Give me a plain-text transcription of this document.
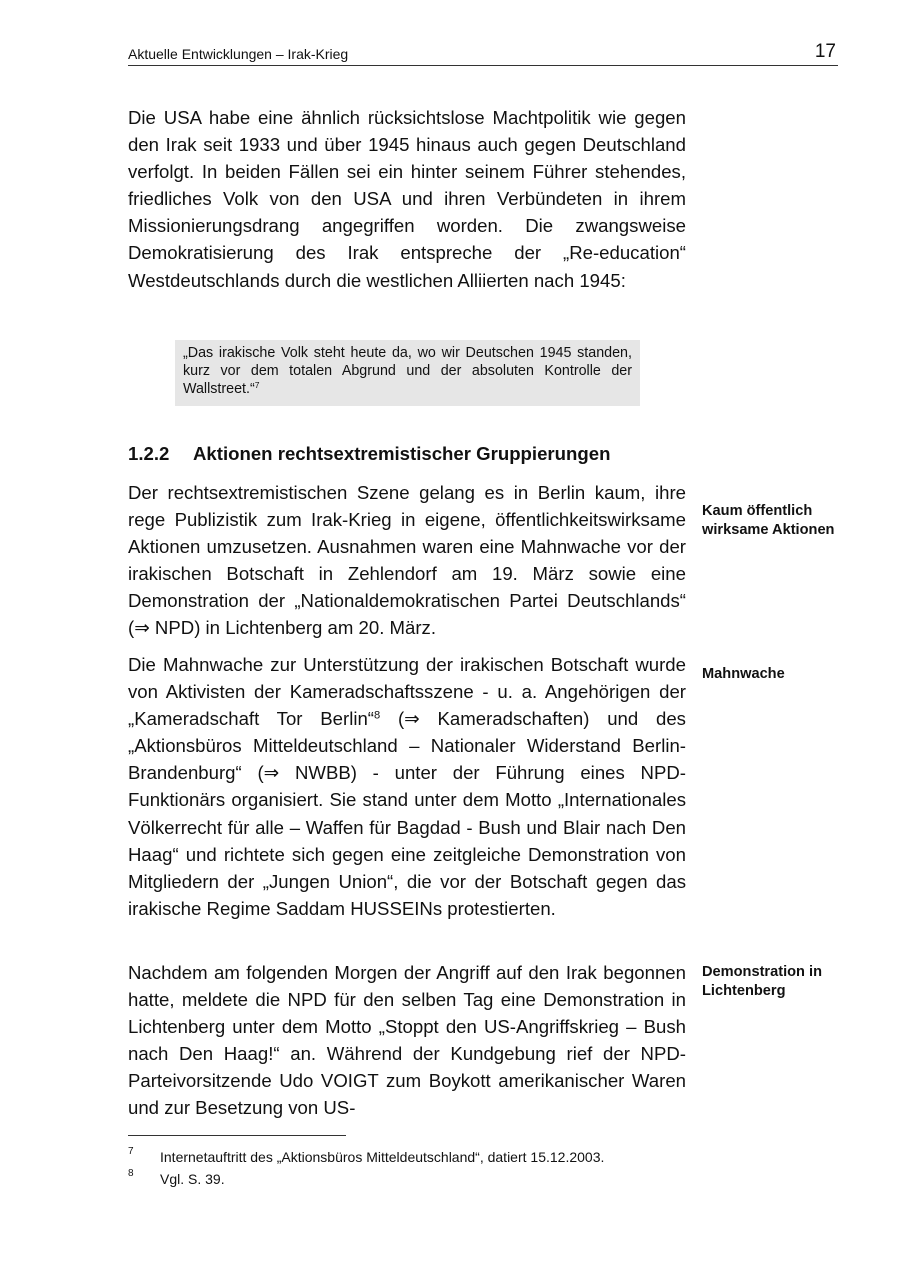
Aktuelle Entwicklungen – Irak-Krieg	17

Die USA habe eine ähnlich rücksichtslose Machtpolitik wie gegen den Irak seit 1933 und über 1945 hinaus auch gegen Deutschland verfolgt. In beiden Fällen sei ein hinter seinem Führer stehendes, friedliches Volk von den USA und ihren Verbündeten in ihrem Missionierungsdrang angegriffen worden. Die zwangsweise Demokratisierung des Irak entspreche der „Re-education“ Westdeutschlands durch die westlichen Alliierten nach 1945:

„Das irakische Volk steht heute da, wo wir Deutschen 1945 standen, kurz vor dem totalen Abgrund und der absoluten Kontrolle der Wallstreet.“$^7$
1.2.2 Aktionen rechtsextremistischer Gruppierungen

Der rechtsextremistischen Szene gelang es in Berlin kaum, ihre rege Publizistik zum Irak-Krieg in eigene, öffentlichkeitswirksame Aktionen umzusetzen. Ausnahmen waren eine Mahnwache vor der irakischen Botschaft in Zehlendorf am 19. März sowie eine Demonstration der „Nationaldemokratischen Partei Deutschlands“ (⇒ NPD) in Lichtenberg am 20. März.

Kaum öffentlich wirksame Aktionen

Die Mahnwache zur Unterstützung der irakischen Botschaft wurde von Aktivisten der Kameradschaftsszene - u. a. Angehörigen der „Kameradschaft Tor Berlin“$^8$ (⇒ Kameradschaften) und des „Aktionsbüros Mitteldeutschland – Nationaler Widerstand Berlin-Brandenburg“ (⇒ NWBB) - unter der Führung eines NPD-Funktionärs organisiert. Sie stand unter dem Motto „Internationales Völkerrecht für alle – Waffen für Bagdad - Bush und Blair nach Den Haag“ und richtete sich gegen eine zeitgleiche Demonstration von Mitgliedern der „Jungen Union“, die vor der Botschaft gegen das irakische Regime Saddam HUSSEINs protestierten.

Mahnwache

Nachdem am folgenden Morgen der Angriff auf den Irak begonnen hatte, meldete die NPD für den selben Tag eine Demonstration in Lichtenberg unter dem Motto „Stoppt den US-Angriffskrieg – Bush nach Den Haag!“ an. Während der Kundgebung rief der NPD-Parteivorsitzende Udo VOIGT zum Boykott amerikanischer Waren und zur Besetzung von US-

Demonstration in Lichtenberg
7 Internetauftritt des „Aktionsbüros Mitteldeutschland“, datiert 15.12.2003.
8 Vgl. S. 39.
